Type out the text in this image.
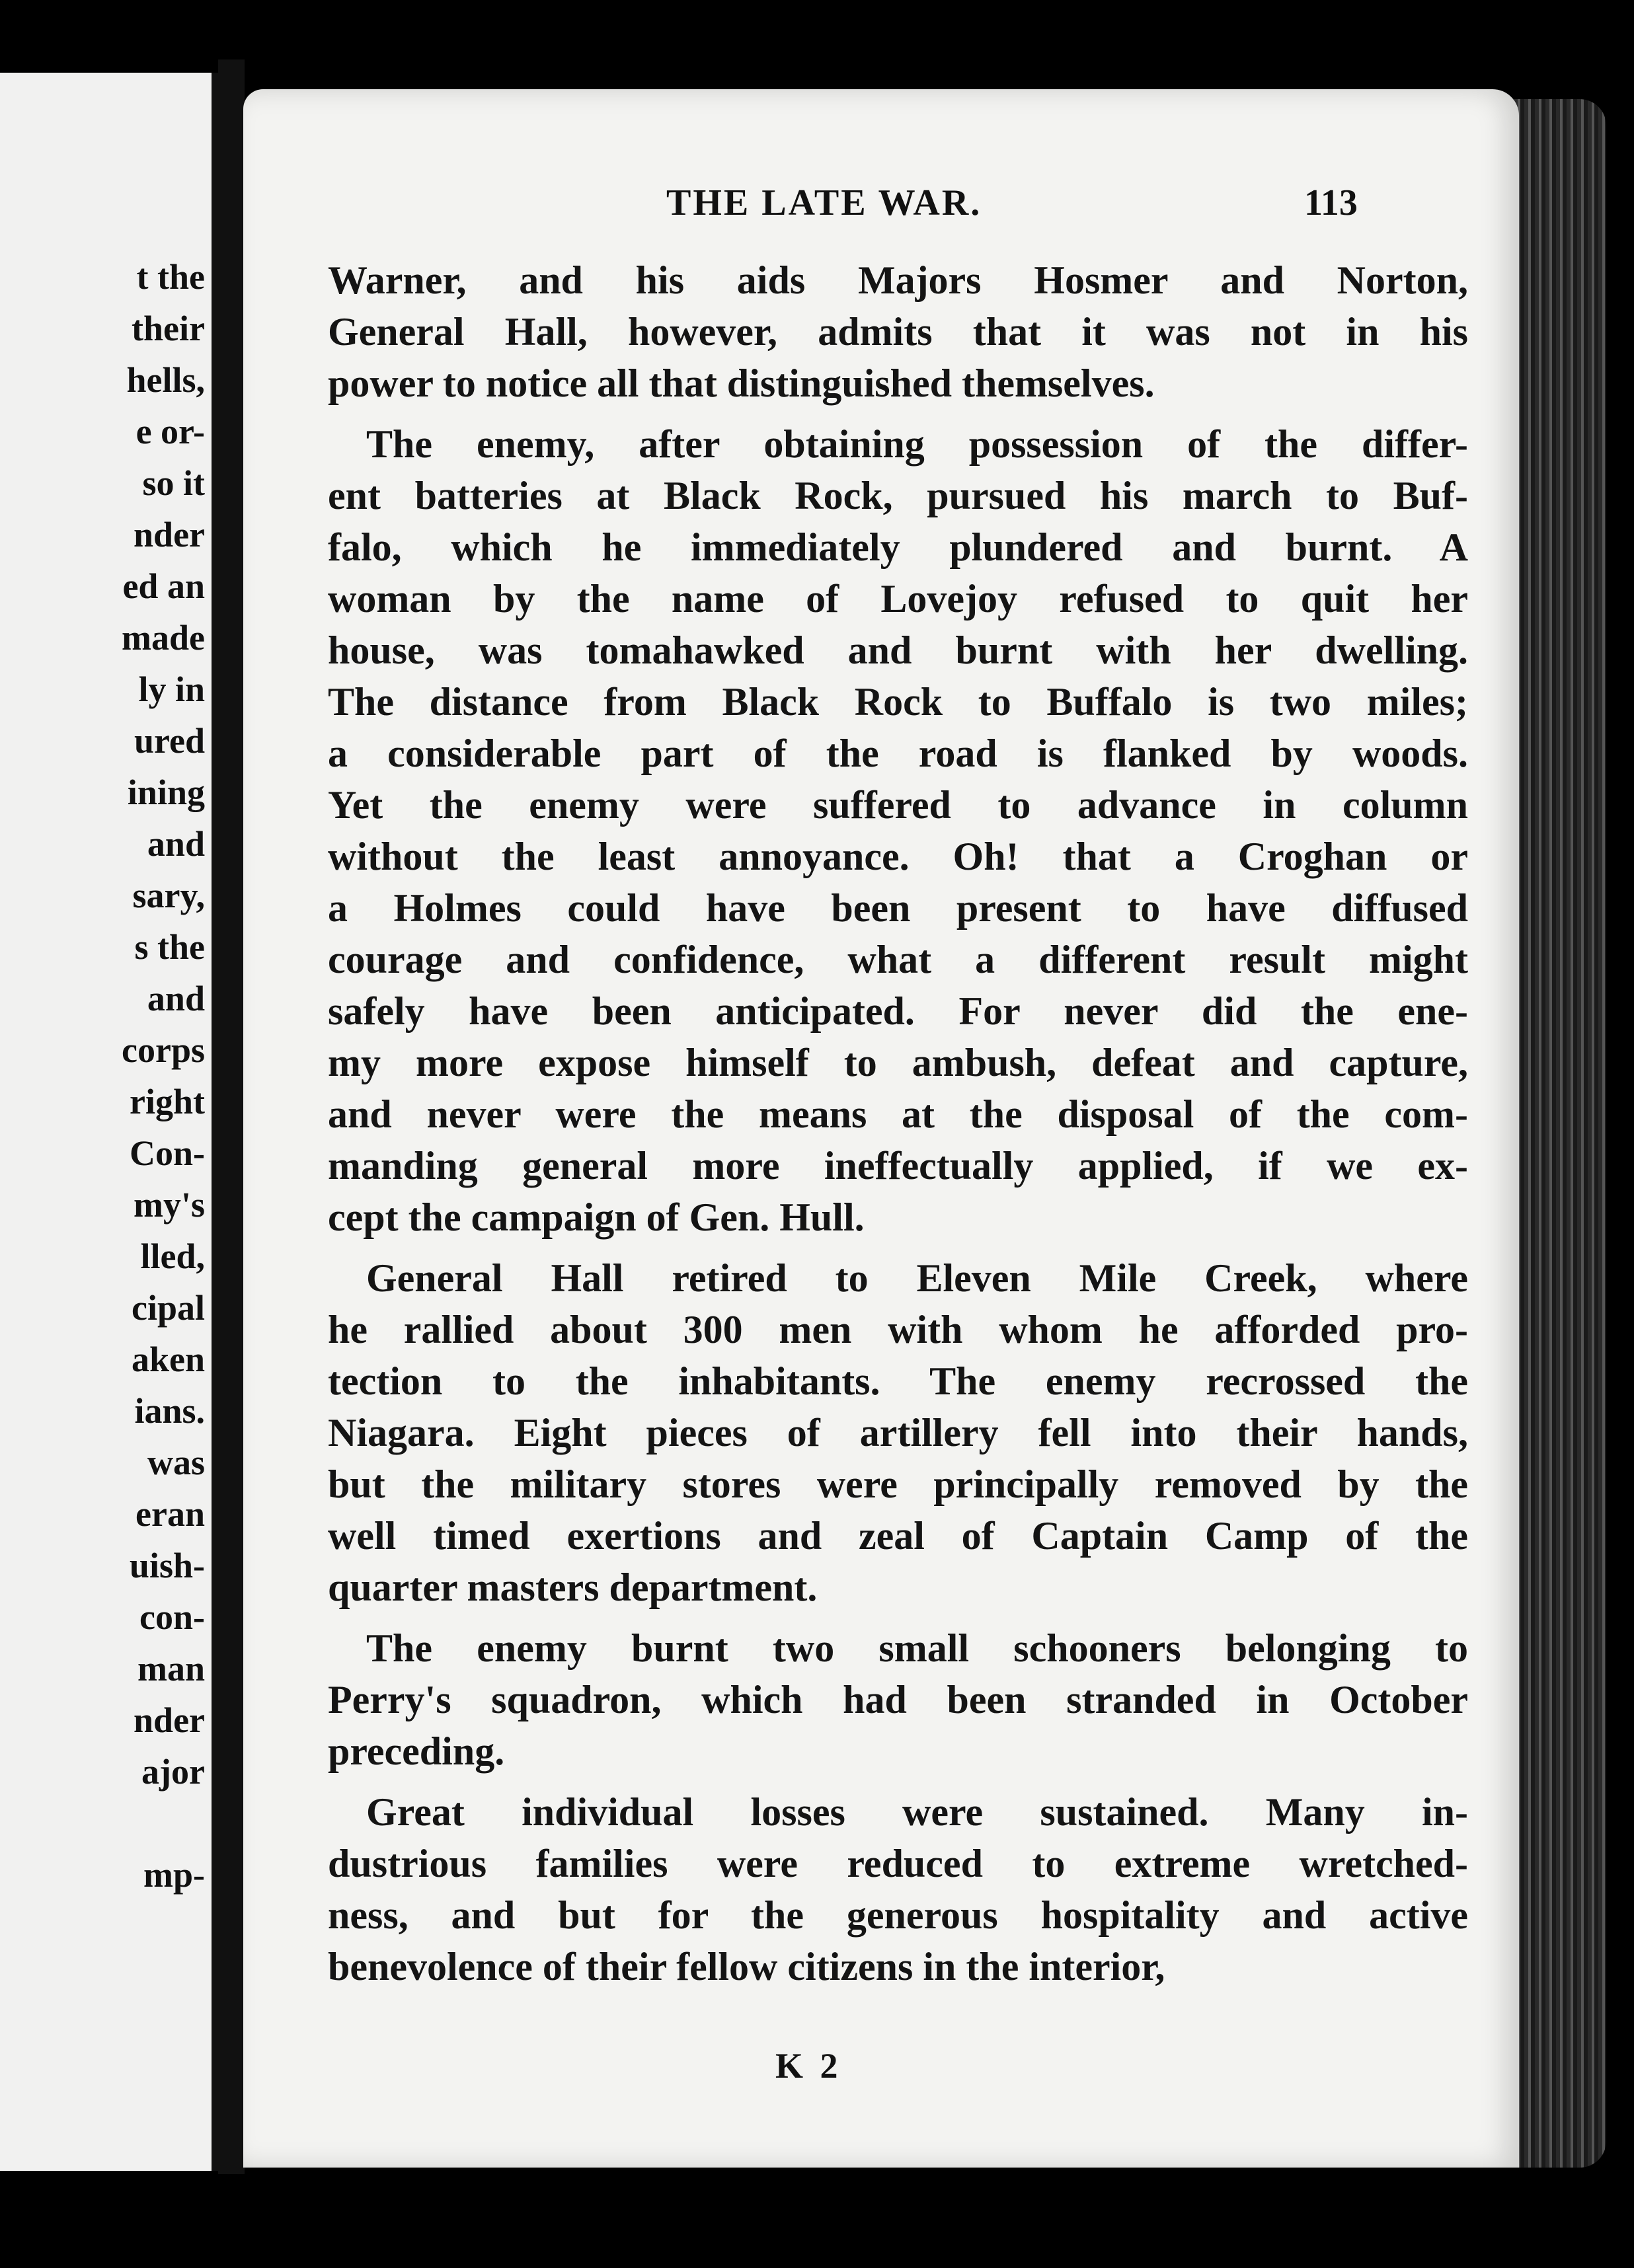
t the
their
hells,
e or-
so it
nder
ed an
made
ly in
ured
ining
and
sary,
s the
and
corps
right
Con-
my's
lled,
cipal
aken
ians.
was
eran
uish-
con-
man
nder
ajor
mp-
THE LATE WAR.	113
Warner, and his aids Majors Hosmer and Norton,
General Hall, however, admits that it was not in his
power to notice all that distinguished themselves.
The enemy, after obtaining possession of the differ-
ent batteries at Black Rock, pursued his march to Buf-
falo, which he immediately plundered and burnt. A
woman by the name of Lovejoy refused to quit her
house, was tomahawked and burnt with her dwelling.
The distance from Black Rock to Buffalo is two miles;
a considerable part of the road is flanked by woods.
Yet the enemy were suffered to advance in column
without the least annoyance. Oh! that a Croghan or
a Holmes could have been present to have diffused
courage and confidence, what a different result might
safely have been anticipated. For never did the ene-
my more expose himself to ambush, defeat and capture,
and never were the means at the disposal of the com-
manding general more ineffectually applied, if we ex-
cept the campaign of Gen. Hull.
General Hall retired to Eleven Mile Creek, where
he rallied about 300 men with whom he afforded pro-
tection to the inhabitants. The enemy recrossed the
Niagara. Eight pieces of artillery fell into their hands,
but the military stores were principally removed by the
well timed exertions and zeal of Captain Camp of the
quarter masters department.
The enemy burnt two small schooners belonging to
Perry's squadron, which had been stranded in October
preceding.
Great individual losses were sustained. Many in-
dustrious families were reduced to extreme wretched-
ness, and but for the generous hospitality and active
benevolence of their fellow citizens in the interior,
K 2
